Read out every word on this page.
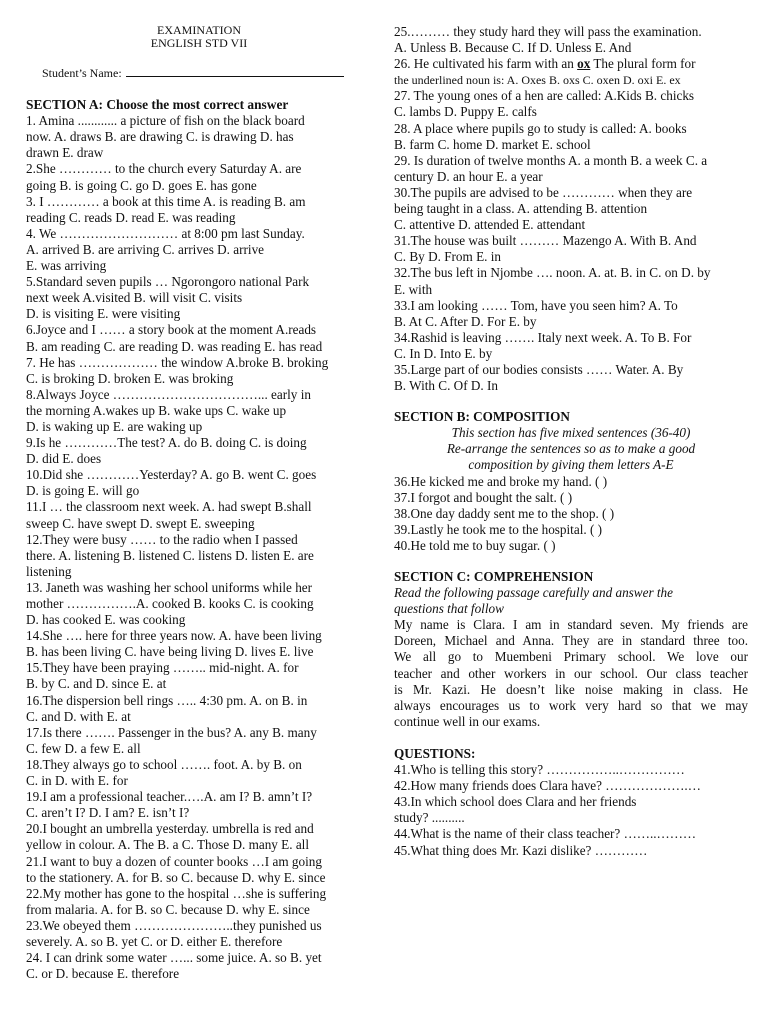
EXAMINATION
ENGLISH STD VII
Student’s Name:
SECTION A: Choose the most correct answer
1. Amina ............ a picture of fish on the black board
now. A. draws B. are drawing C. is drawing D. has
drawn E. draw
2.She ………… to the church every Saturday A. are
going B. is going C. go D. goes E. has gone
3. I ………… a book at this time A. is reading B. am
reading C. reads D. read E. was reading
4. We ……………………… at 8:00 pm last Sunday.
A. arrived B. are arriving C. arrives D. arrive
E. was arriving
5.Standard seven pupils … Ngorongoro national Park
next week A.visited B. will visit C. visits
D. is visiting E. were visiting
6.Joyce and I …… a story book at the moment A.reads
B. am reading C. are reading D. was reading E. has read
7. He has ……………… the window A.broke B. broking
C. is broking D. broken E. was broking
8.Always Joyce ……………………………... early in
the morning A.wakes up B. wake ups C. wake up
D. is waking up E. are waking up
9.Is he …………The test? A. do B. doing C. is doing
D. did E. does
10.Did she …………Yesterday? A. go B. went C. goes
D. is going E. will go
11.I … the classroom next week. A. had swept B.shall
sweep C. have swept D. swept E. sweeping
12.They were busy …… to the radio when I passed
there. A. listening B. listened C. listens D. listen E. are
listening
13. Janeth was washing her school uniforms while her
mother …………….A. cooked B. kooks C. is cooking
D. has cooked E. was cooking
14.She …. here for three years now. A. have been living
B. has been living C. have being living D. lives E. live
15.They have been praying …….. mid-night. A. for
B. by C. and D. since E. at
16.The dispersion bell rings ….. 4:30 pm. A. on B. in
C. and D. with E. at
17.Is there ……. Passenger in the bus? A. any B. many
C. few D. a few E. all
18.They always go to school ……. foot. A. by B. on
C. in D. with E. for
19.I am a professional teacher.….A. am I? B. amn’t I?
C. aren’t I? D. I am? E. isn’t I?
20.I bought an umbrella yesterday. umbrella is red and
yellow in colour. A. The B. a C. Those D. many E. all
21.I want to buy a dozen of counter books …I am going
to the stationery. A. for B. so C. because D. why E. since
22.My mother has gone to the hospital …she is suffering
from malaria. A. for B. so C. because D. why E. since
23.We obeyed them …………………..they punished us
severely. A. so B. yet C. or D. either E. therefore
24. I can drink some water …... some juice. A. so B. yet
C. or D. because E. therefore
25.……… they study hard they will pass the examination.
A. Unless B. Because C. If D. Unless E. And
26. He cultivated his farm with an ox The plural form for
the underlined noun is: A. Oxes B. oxs C. oxen D. oxi E. ex
27. The young ones of a hen are called: A.Kids B. chicks
C. lambs D. Puppy E. calfs
28. A place where pupils go to study is called: A. books
B. farm C. home D. market E. school
29. Is duration of twelve months A. a month B. a week C. a
century D. an hour E. a year
30.The pupils are advised to be ………… when they are
being taught in a class. A. attending B. attention
C. attentive D. attended E. attendant
31.The house was built ……… Mazengo A. With B. And
C. By D. From E. in
32.The bus left in Njombe …. noon. A. at. B. in C. on D. by
E. with
33.I am looking …… Tom, have you seen him? A. To
B. At C. After D. For E. by
34.Rashid is leaving ……. Italy next week. A. To B. For
C. In D. Into E. by
35.Large part of our bodies consists …… Water. A. By
B. With C. Of D. In
SECTION B: COMPOSITION
This section has five mixed sentences (36-40)
Re-arrange the sentences so as to make a good
composition by giving them letters A-E
36.He kicked me and broke my hand. ( )
37.I forgot and bought the salt. ( )
38.One day daddy sent me to the shop. ( )
39.Lastly he took me to the hospital. ( )
40.He told me to buy sugar. ( )
SECTION C: COMPREHENSION
Read the following passage carefully and answer the
questions that follow
My name is Clara. I am in standard seven. My friends are
Doreen, Michael and Anna. They are in standard three too.
We all go to Muembeni Primary school. We love our
teacher and other workers in our school. Our class teacher
is Mr. Kazi. He doesn’t like noise making in class. He
always encourages us to work very hard so that we may
continue well in our exams.
QUESTIONS:
41.Who is telling this story? ……………..……………
42.How many friends does Clara have? ……………….…
43.In which school does Clara and her friends
study? ..........
44.What is the name of their class teacher? ……..………
45.What thing does Mr. Kazi dislike? …………
